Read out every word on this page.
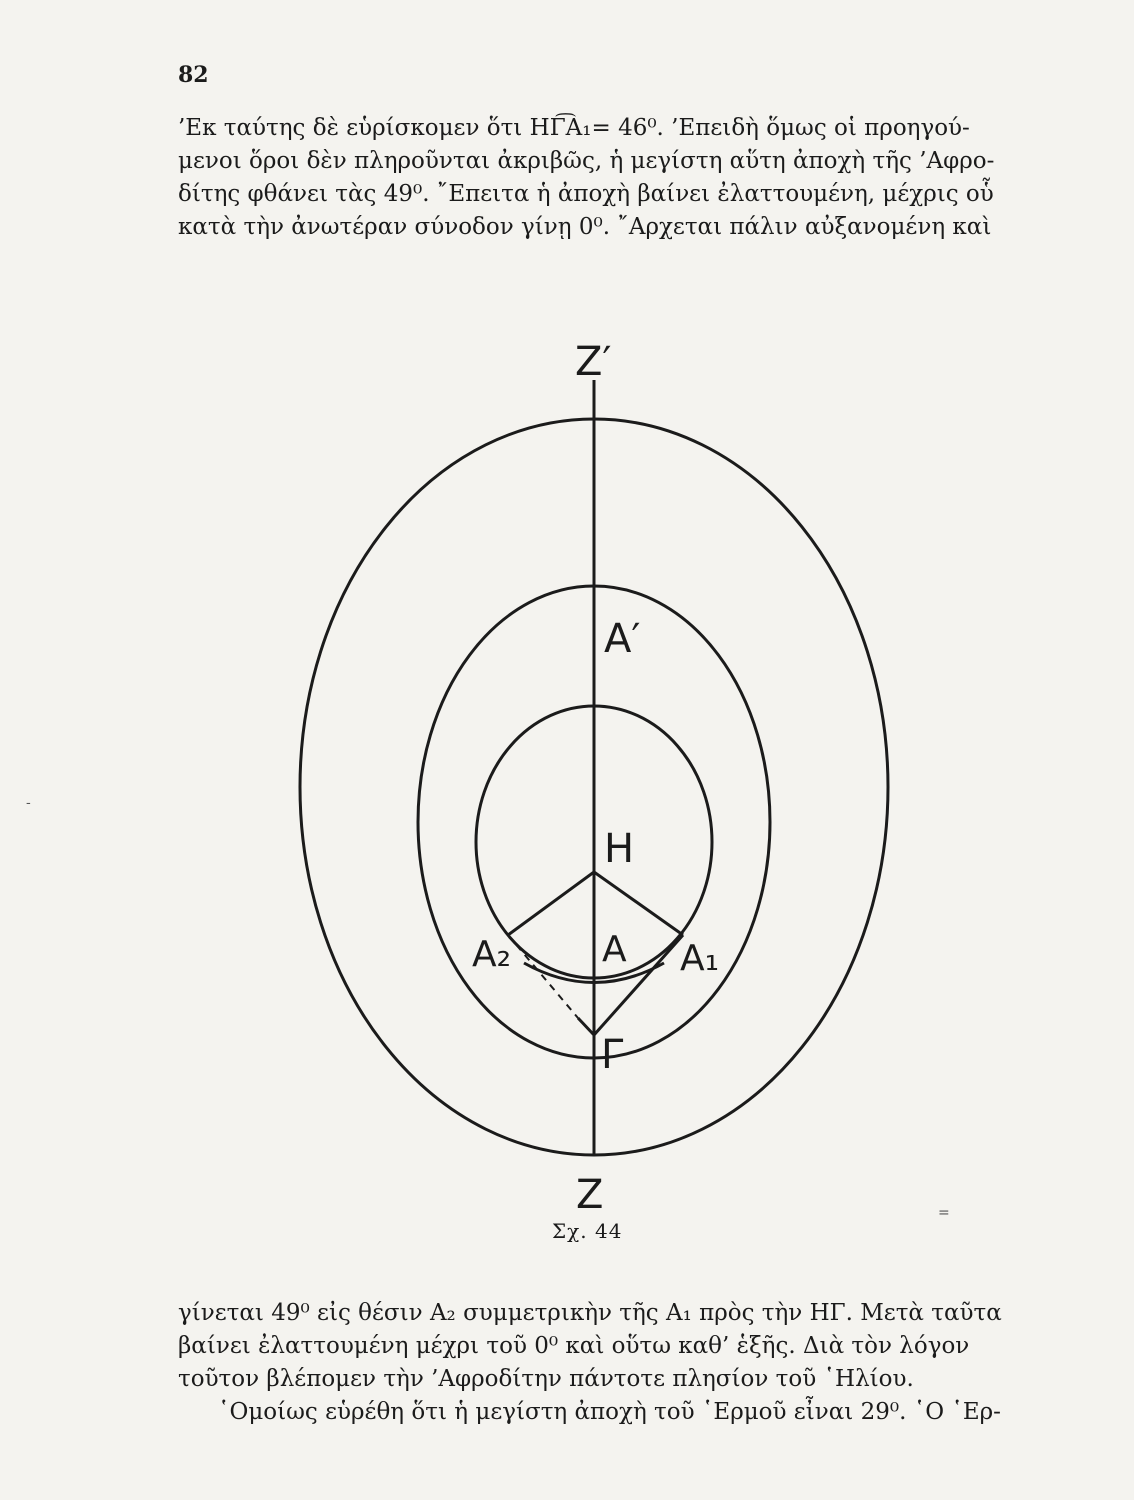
82

’Εκ ταύτης δὲ εὑρίσκομεν ὅτι ΗΓ͡Α₁= 46⁰. ’Επειδὴ ὅμως οἱ προηγού-

μενοι ὅροι δὲν πληροῦνται ἀκριβῶς, ἡ μεγίστη αὕτη ἀποχὴ τῆς ’Αφρο-

δίτης φθάνει τὰς 49⁰. ῎Επειτα ἡ ἀποχὴ βαίνει ἐλαττουμένη, μέχρις οὗ

κατὰ τὴν ἀνωτέραν σύνοδον γίνῃ 0⁰. ῎Αρχεται πάλιν αὐξανομένη καὶ

Z′
A′
H
A A₁
A₂
Γ
Z
Σχ. 44

γίνεται 49⁰ εἰς θέσιν Α₂ συμμετρικὴν τῆς Α₁ πρὸς τὴν ΗΓ. Μετὰ ταῦτα

βαίνει ἐλαττουμένη μέχρι τοῦ 0⁰ καὶ οὕτω καθ’ ἑξῆς. Διὰ τὸν λόγον

τοῦτον βλέπομεν τὴν ’Αφροδίτην πάντοτε πλησίον τοῦ ῾Ηλίου.

῾Ομοίως εὑρέθη ὅτι ἡ μεγίστη ἀποχὴ τοῦ ῾Ερμοῦ εἶναι 29⁰. ῾Ο ῾Ερ-

-
=
